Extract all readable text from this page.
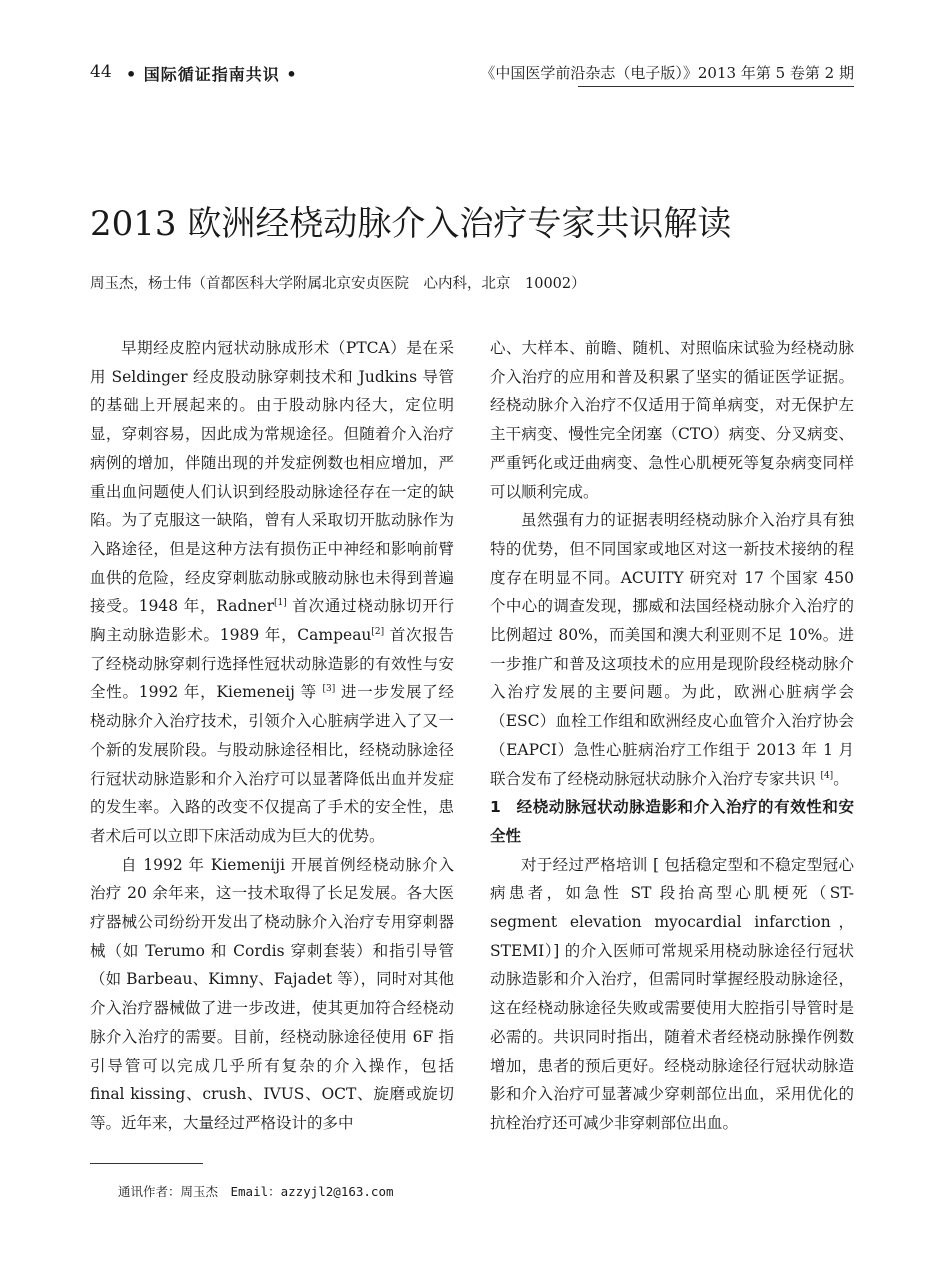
44 • 国际循证指南共识 •	《中国医学前沿杂志（电子版）》2013 年第 5 卷第 2 期
2013 欧洲经桡动脉介入治疗专家共识解读
周玉杰，杨士伟（首都医科大学附属北京安贞医院　心内科，北京　10002）

早期经皮腔内冠状动脉成形术（PTCA）是在采用 Seldinger 经皮股动脉穿刺技术和 Judkins 导管的基础上开展起来的。由于股动脉内径大，定位明显，穿刺容易，因此成为常规途径。但随着介入治疗病例的增加，伴随出现的并发症例数也相应增加，严重出血问题使人们认识到经股动脉途径存在一定的缺陷。为了克服这一缺陷，曾有人采取切开肱动脉作为入路途径，但是这种方法有损伤正中神经和影响前臂血供的危险，经皮穿刺肱动脉或腋动脉也未得到普遍接受。1948 年，Radner[1] 首次通过桡动脉切开行胸主动脉造影术。1989 年，Campeau[2] 首次报告了经桡动脉穿刺行选择性冠状动脉造影的有效性与安全性。1992 年，Kiemeneij 等 [3] 进一步发展了经桡动脉介入治疗技术，引领介入心脏病学进入了又一个新的发展阶段。与股动脉途径相比，经桡动脉途径行冠状动脉造影和介入治疗可以显著降低出血并发症的发生率。入路的改变不仅提高了手术的安全性，患者术后可以立即下床活动成为巨大的优势。

自 1992 年 Kiemeniji 开展首例经桡动脉介入治疗 20 余年来，这一技术取得了长足发展。各大医疗器械公司纷纷开发出了桡动脉介入治疗专用穿刺器械（如 Terumo 和 Cordis 穿刺套装）和指引导管（如 Barbeau、Kimny、Fajadet 等），同时对其他介入治疗器械做了进一步改进，使其更加符合经桡动脉介入治疗的需要。目前，经桡动脉途径使用 6F 指引导管可以完成几乎所有复杂的介入操作，包括 final kissing、crush、IVUS、OCT、旋磨或旋切等。近年来，大量经过严格设计的多中

心、大样本、前瞻、随机、对照临床试验为经桡动脉介入治疗的应用和普及积累了坚实的循证医学证据。经桡动脉介入治疗不仅适用于简单病变，对无保护左主干病变、慢性完全闭塞（CTO）病变、分叉病变、严重钙化或迂曲病变、急性心肌梗死等复杂病变同样可以顺利完成。

虽然强有力的证据表明经桡动脉介入治疗具有独特的优势，但不同国家或地区对这一新技术接纳的程度存在明显不同。ACUITY 研究对 17 个国家 450 个中心的调查发现，挪威和法国经桡动脉介入治疗的比例超过 80%，而美国和澳大利亚则不足 10%。进一步推广和普及这项技术的应用是现阶段经桡动脉介入治疗发展的主要问题。为此，欧洲心脏病学会（ESC）血栓工作组和欧洲经皮心血管介入治疗协会（EAPCI）急性心脏病治疗工作组于 2013 年 1 月联合发布了经桡动脉冠状动脉介入治疗专家共识 [4]。

1 经桡动脉冠状动脉造影和介入治疗的有效性和安全性

对于经过严格培训 [ 包括稳定型和不稳定型冠心病患者，如急性 ST 段抬高型心肌梗死（ST-segment elevation myocardial infarction，STEMI）] 的介入医师可常规采用桡动脉途径行冠状动脉造影和介入治疗，但需同时掌握经股动脉途径，这在经桡动脉途径失败或需要使用大腔指引导管时是必需的。共识同时指出，随着术者经桡动脉操作例数增加，患者的预后更好。经桡动脉途径行冠状动脉造影和介入治疗可显著减少穿刺部位出血，采用优化的抗栓治疗还可减少非穿刺部位出血。

通讯作者：周玉杰　Email：azzyjl2@163.com
